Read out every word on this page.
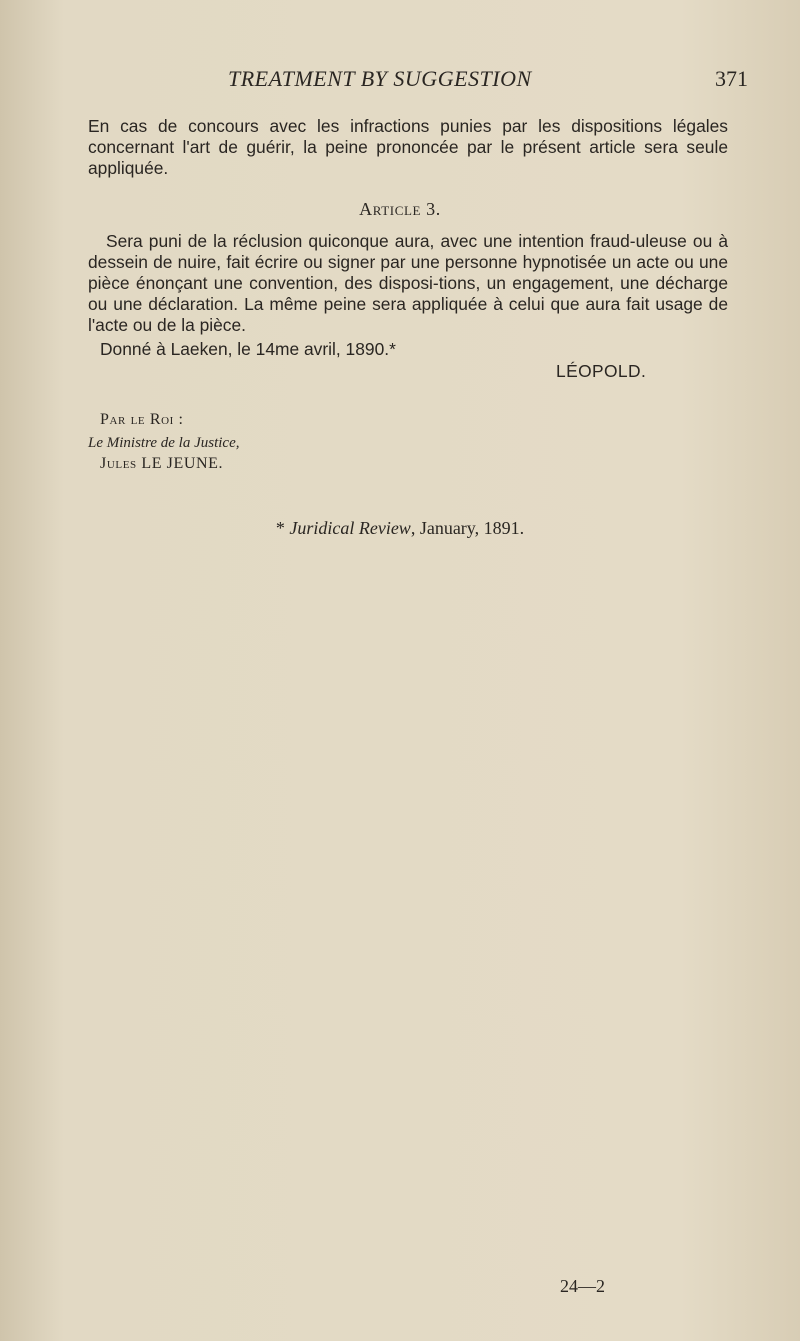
TREATMENT BY SUGGESTION	371

En cas de concours avec les infractions punies par les dispositions légales concernant l'art de guérir, la peine prononcée par le présent article sera seule appliquée.

Article 3.

Sera puni de la réclusion quiconque aura, avec une intention fraud-uleuse ou à dessein de nuire, fait écrire ou signer par une personne hypnotisée un acte ou une pièce énonçant une convention, des disposi-tions, un engagement, une décharge ou une déclaration. La même peine sera appliquée à celui que aura fait usage de l'acte ou de la pièce.

Donné à Laeken, le 14me avril, 1890.*
LÉOPOLD.
Par le Roi :
Le Ministre de la Justice,
Jules LE JEUNE.
* Juridical Review, January, 1891.
24—2
